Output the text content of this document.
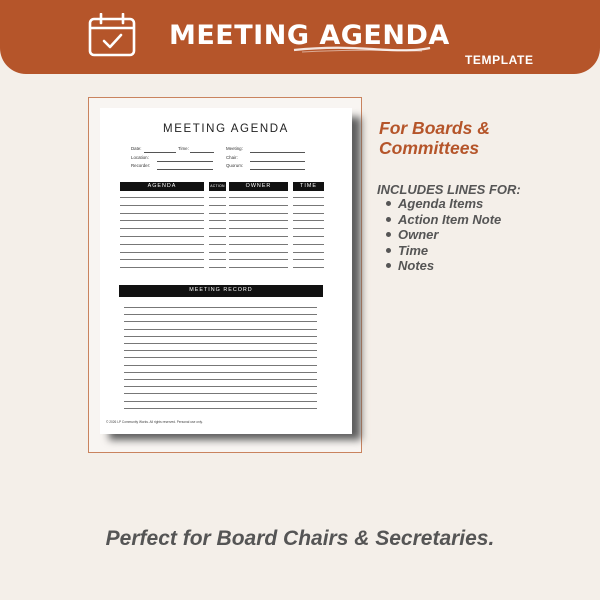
MEETING AGENDA
TEMPLATE
MEETING AGENDA
Date:	Time:	Meeting:
Location:	Chair:
Recorder:	Quorum:
AGENDA	ACTION	OWNER	TIME
MEETING RECORD
© 2026 LP Community Works. All rights reserved. Personal use only.
For Boards &
Committees
INCLUDES LINES FOR:
Agenda Items
Action Item Note
Owner
Time
Notes
Perfect for Board Chairs & Secretaries.
